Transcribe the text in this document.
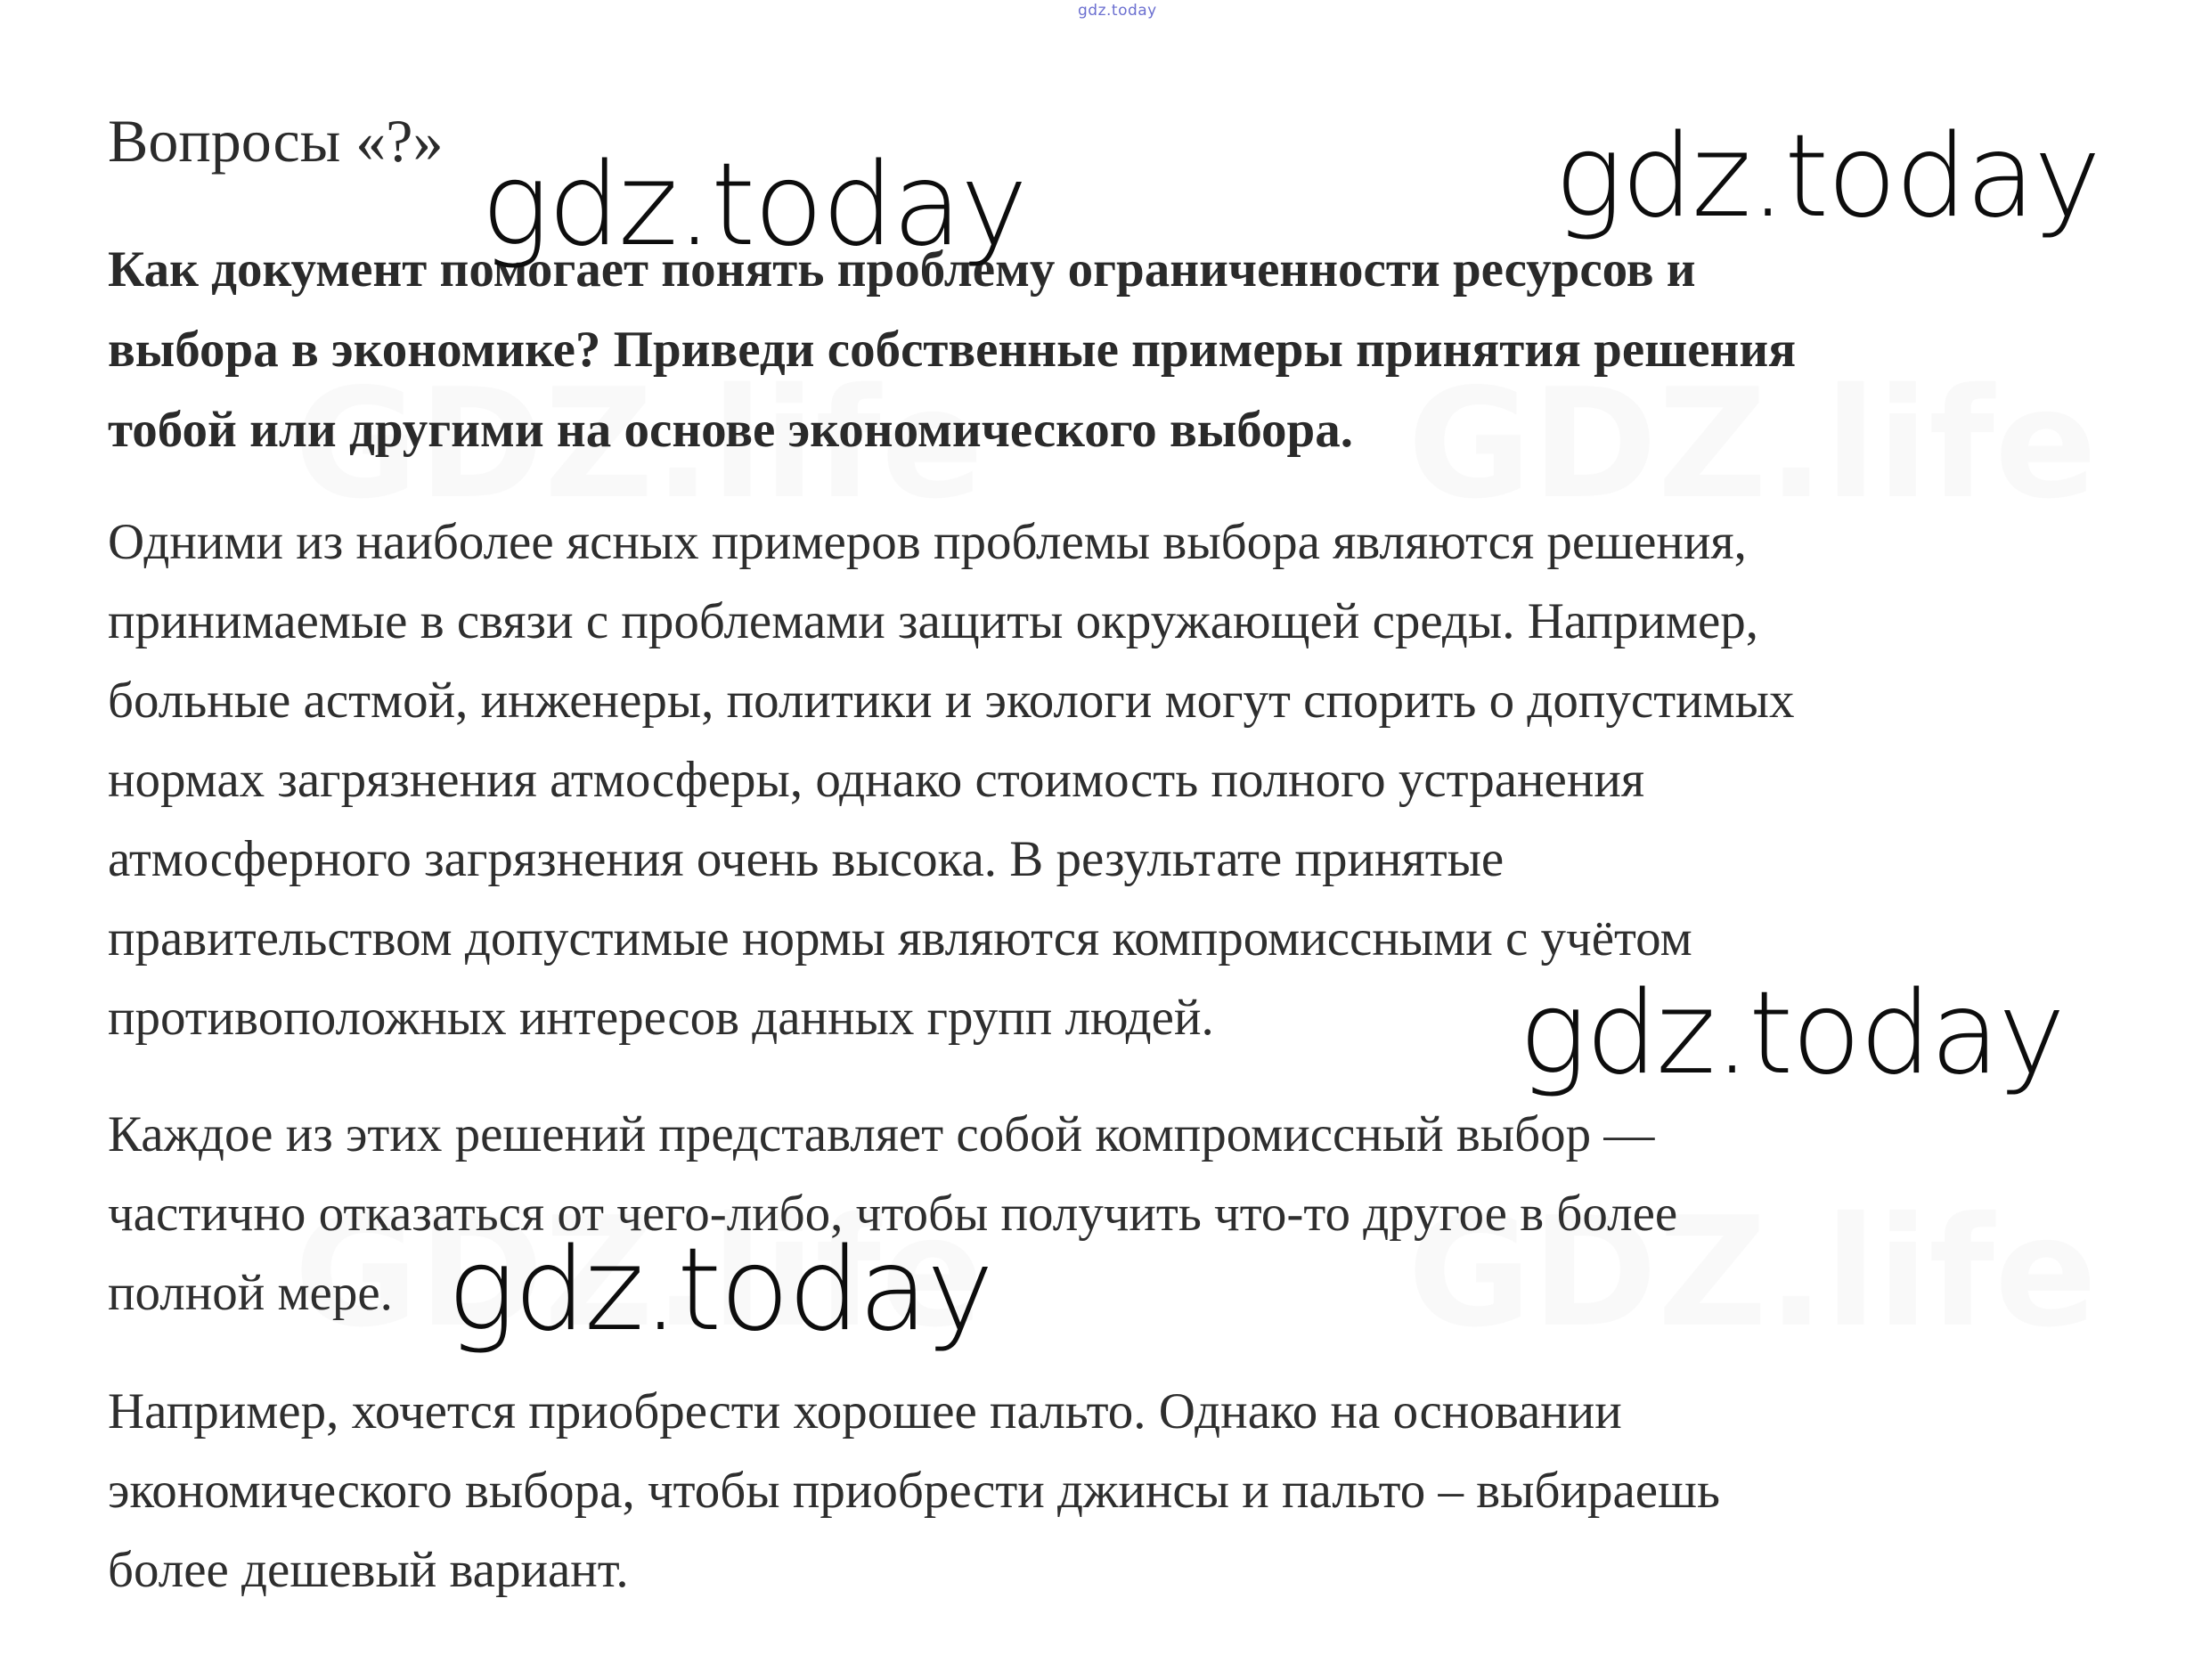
gdz.today
Вопросы «?»

Как документ помогает понять проблему ограниченности ресурсов и
выбора в экономике? Приведи собственные примеры принятия решения
тобой или другими на основе экономического выбора.

Одними из наиболее ясных примеров проблемы выбора являются решения,
принимаемые в связи с проблемами защиты окружающей среды. Например,
больные астмой, инженеры, политики и экологи могут спорить о допустимых
нормах загрязнения атмосферы, однако стоимость полного устранения
атмосферного загрязнения очень высока. В результате принятые
правительством допустимые нормы являются компромиссными с учётом
противоположных интересов данных групп людей.

Каждое из этих решений представляет собой компромиссный выбор —
частично отказаться от чего-либо, чтобы получить что-то другое в более
полной мере.

Например, хочется приобрести хорошее пальто. Однако на основании
экономического выбора, чтобы приобрести джинсы и пальто – выбираешь
более дешевый вариант.

gdz.today	gdz.today
gdz.today
gdz.today
